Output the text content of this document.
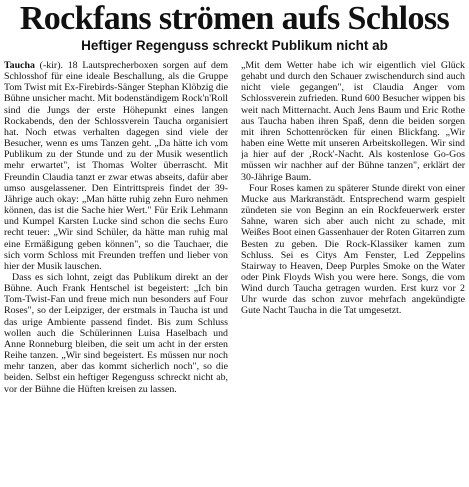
Rockfans strömen aufs Schloss
Heftiger Regenguss schreckt Publikum nicht ab

Taucha (-kir). 18 Lautsprecherboxen sorgen auf dem Schlosshof für eine ideale Beschallung, als die Gruppe Tom Twist mit Ex-Firebirds-Sänger Stephan Klöbzig die Bühne unsicher macht. Mit bodenständigem Rock'n'Roll sind die Jungs der erste Höhepunkt eines langen Rockabends, den der Schlossverein Taucha organisiert hat. Noch etwas verhalten dagegen sind viele der Besucher, wenn es ums Tanzen geht. „Da hätte ich vom Publikum zu der Stunde und zu der Musik wesentlich mehr erwartet", ist Thomas Wolter überrascht. Mit Freundin Claudia tanzt er zwar etwas abseits, dafür aber umso ausgelassener. Den Eintrittspreis findet der 39-Jährige auch okay: „Man hätte ruhig zehn Euro nehmen können, das ist die Sache hier Wert." Für Erik Lehmann und Kumpel Karsten Lucke sind schon die sechs Euro recht teuer: „Wir sind Schüler, da hätte man ruhig mal eine Ermäßigung geben können", so die Tauchaer, die sich vorm Schloss mit Freunden treffen und lieber von hier der Musik lauschen.

Dass es sich lohnt, zeigt das Publikum direkt an der Bühne. Auch Frank Hentschel ist begeistert: „Ich bin Tom-Twist-Fan und freue mich nun besonders auf Four Roses", so der Leipziger, der erstmals in Taucha ist und das urige Ambiente passend findet. Bis zum Schluss wollen auch die Schülerinnen Luisa Haselbach und Anne Ronneburg bleiben, die seit um acht in der ersten Reihe tanzen. „Wir sind begeistert. Es müssen nur noch mehr tanzen, aber das kommt sicherlich noch", so die beiden. Selbst ein heftiger Regenguss schreckt nicht ab, vor der Bühne die Hüften kreisen zu lassen.

„Mit dem Wetter habe ich wir eigentlich viel Glück gehabt und durch den Schauer zwischendurch sind auch nicht viele gegangen", ist Claudia Anger vom Schlossverein zufrieden. Rund 600 Besucher wippen bis weit nach Mitternacht. Auch Jens Baum und Eric Rothe aus Taucha haben ihren Spaß, denn die beiden sorgen mit ihren Schottenröcken für einen Blickfang. „Wir haben eine Wette mit unseren Arbeitskollegen. Wir sind ja hier auf der ‚Rock'-Nacht. Als kostenlose Go-Gos müssen wir nachher auf der Bühne tanzen", erklärt der 30-Jährige Baum.

Four Roses kamen zu späterer Stunde direkt von einer Mucke aus Markranstädt. Entsprechend warm gespielt zündeten sie von Beginn an ein Rockfeuerwerk erster Sahne, waren sich aber auch nicht zu schade, mit Weißes Boot einen Gassenhauer der Roten Gitarren zum Besten zu geben. Die Rock-Klassiker kamen zum Schluss. Sei es Citys Am Fenster, Led Zeppelins Stairway to Heaven, Deep Purples Smoke on the Water oder Pink Floyds Wish you were here. Songs, die vom Wind durch Taucha getragen wurden. Erst kurz vor 2 Uhr wurde das schon zuvor mehrfach angekündigte Gute Nacht Taucha in die Tat umgesetzt.
